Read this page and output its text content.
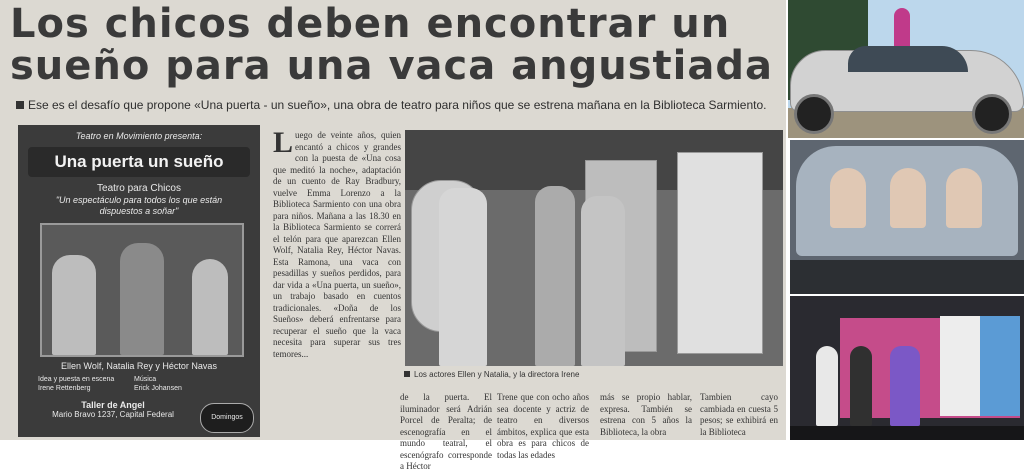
Los chicos deben encontrar un
sueño para una vaca angustiada
Ese es el desafío que propone «Una puerta - un sueño», una obra de teatro para niños que se estrena mañana en la Biblioteca Sarmiento.
Teatro en Movimiento presenta:
Una puerta un sueño
Teatro para Chicos
"Un espectáculo para todos los que están dispuestos a soñar"
Ellen Wolf, Natalia Rey y Héctor Navas
Idea y puesta en escena	Música
Irene Rettenberg	Erick Johansen
Taller de Angel
Mario Bravo 1237, Capital Federal	Domingos
Luego de veinte años, quien encantó a chicos y grandes con la puesta de «Una cosa que meditó la noche», adaptación de un cuento de Ray Bradbury, vuelve Emma Lorenzo a la Biblioteca Sarmiento con una obra para niños. Mañana a las 18.30 en la Biblioteca Sarmiento se correrá el telón para que aparezcan Ellen Wolf, Natalia Rey, Héctor Navas. Esta Ramona, una vaca con pesadillas y sueños perdidos, para dar vida a «Una puerta, un sueño», un trabajo basado en cuentos tradicionales. «Doña de los Sueños» deberá enfrentarse para recuperar el sueño que la vaca necesita para superar sus tres temores...
Los actores Ellen y Natalia, y la directora Irene
de la puerta. El iluminador será Adrián Porcel de Peralta; de escenografía en el mundo teatral, el escenógrafo corresponde a Héctor
Trene que con ocho años sea docente y actriz de teatro en diversos ámbitos, explica que esta obra es para chicos de todas las edades
más se propio hablar, expresa. También se estrena con 5 años la Biblioteca, la obra
Tambien cayo cambiada en cuesta 5 pesos; se exhibirá en la Biblioteca
